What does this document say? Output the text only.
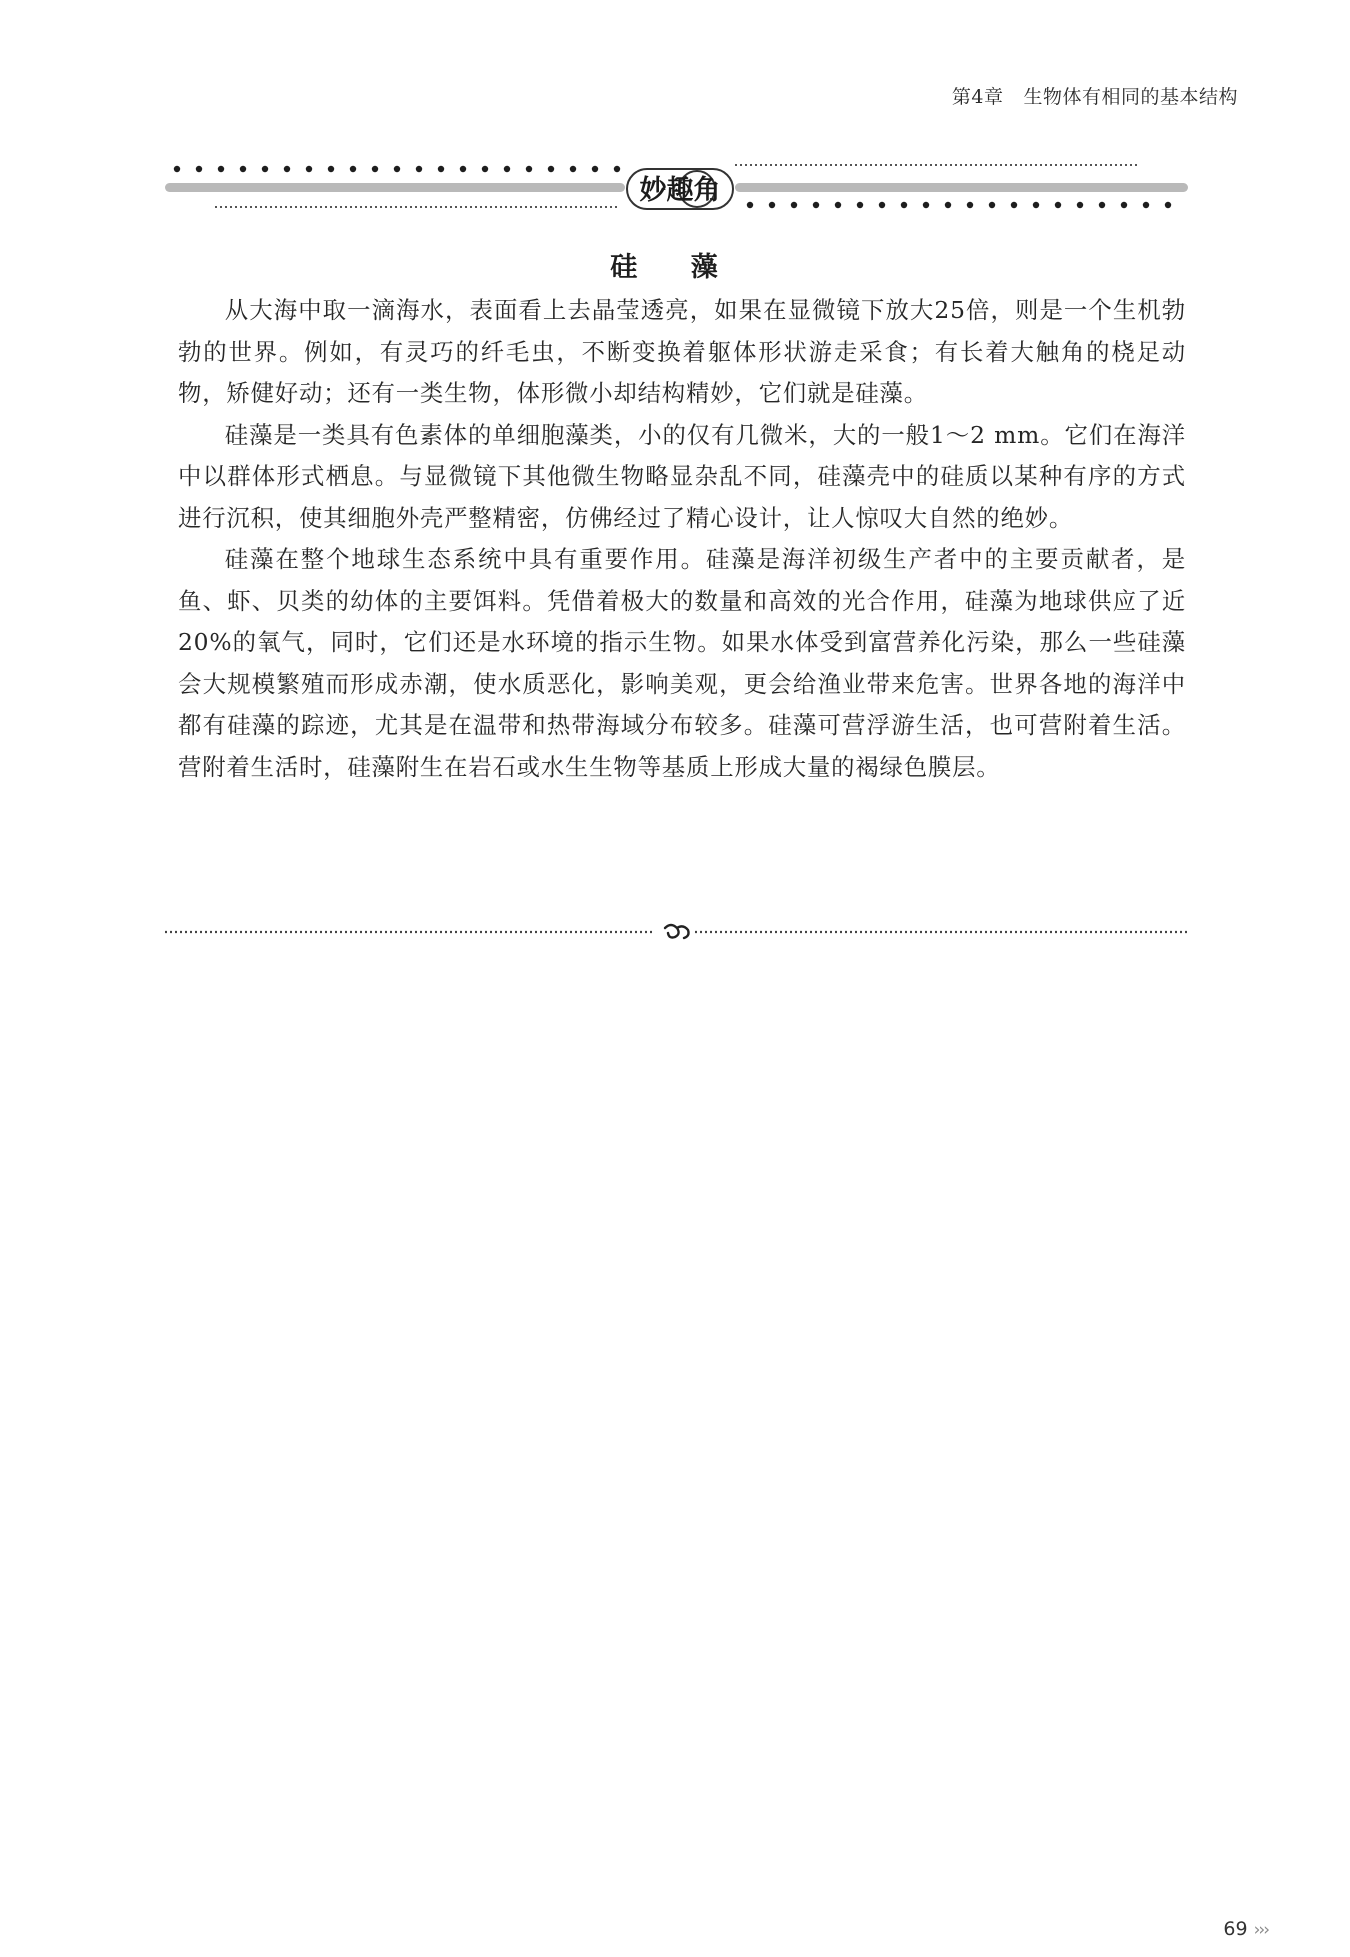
第4章 生物体有相同的基本结构
妙趣角
硅 藻

从大海中取一滴海水，表面看上去晶莹透亮，如果在显微镜下放大25倍，则是一个生机勃勃的世界。例如，有灵巧的纤毛虫，不断变换着躯体形状游走采食；有长着大触角的桡足动物，矫健好动；还有一类生物，体形微小却结构精妙，它们就是硅藻。

硅藻是一类具有色素体的单细胞藻类，小的仅有几微米，大的一般1～2 mm。它们在海洋中以群体形式栖息。与显微镜下其他微生物略显杂乱不同，硅藻壳中的硅质以某种有序的方式进行沉积，使其细胞外壳严整精密，仿佛经过了精心设计，让人惊叹大自然的绝妙。

硅藻在整个地球生态系统中具有重要作用。硅藻是海洋初级生产者中的主要贡献者，是鱼、虾、贝类的幼体的主要饵料。凭借着极大的数量和高效的光合作用，硅藻为地球供应了近20%的氧气，同时，它们还是水环境的指示生物。如果水体受到富营养化污染，那么一些硅藻会大规模繁殖而形成赤潮，使水质恶化，影响美观，更会给渔业带来危害。世界各地的海洋中都有硅藻的踪迹，尤其是在温带和热带海域分布较多。硅藻可营浮游生活，也可营附着生活。营附着生活时，硅藻附生在岩石或水生生物等基质上形成大量的褐绿色膜层。

69 ›››
